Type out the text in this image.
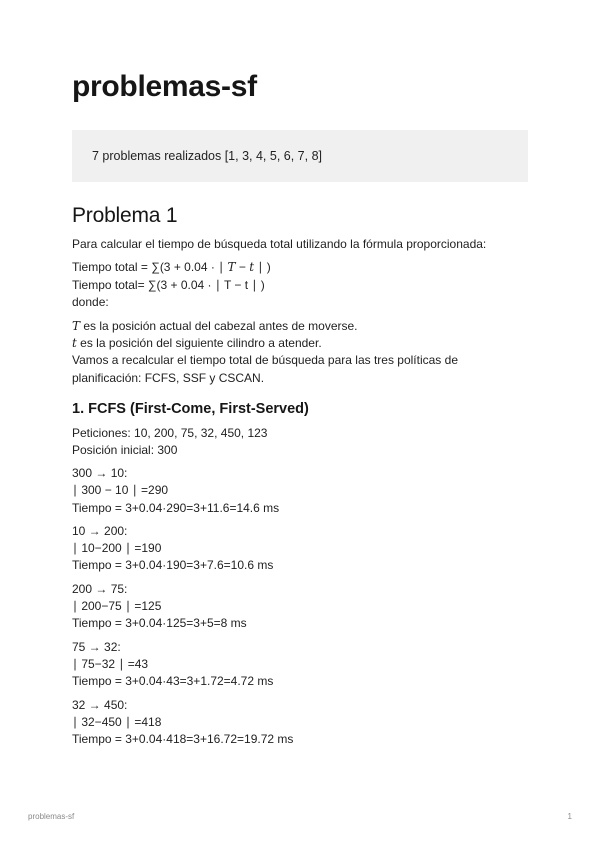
problemas-sf
7 problemas realizados [1, 3, 4, 5, 6, 7, 8]
Problema 1

Para calcular el tiempo de búsqueda total utilizando la fórmula proporcionada:

Tiempo total = ∑(3 + 0.04 · ∣ T − t ∣ )

Tiempo total= ∑(3 + 0.04 · ∣ T − t ∣ )

donde:

T es la posición actual del cabezal antes de moverse.

t es la posición del siguiente cilindro a atender.

Vamos a recalcular el tiempo total de búsqueda para las tres políticas de

planificación: FCFS, SSF y CSCAN.

1. FCFS (First-Come, First-Served)

Peticiones: 10, 200, 75, 32, 450, 123

Posición inicial: 300

300 → 10:

∣ 300 − 10 ∣ =290

Tiempo = 3+0.04·290=3+11.6=14.6 ms

10 → 200:

∣ 10−200 ∣ =190

Tiempo = 3+0.04·190=3+7.6=10.6 ms

200 → 75:

∣ 200−75 ∣ =125

Tiempo = 3+0.04·125=3+5=8 ms

75 → 32:

∣ 75−32 ∣ =43

Tiempo = 3+0.04·43=3+1.72=4.72 ms

32 → 450:

∣ 32−450 ∣ =418

Tiempo = 3+0.04·418=3+16.72=19.72 ms

problemas-sf	1
